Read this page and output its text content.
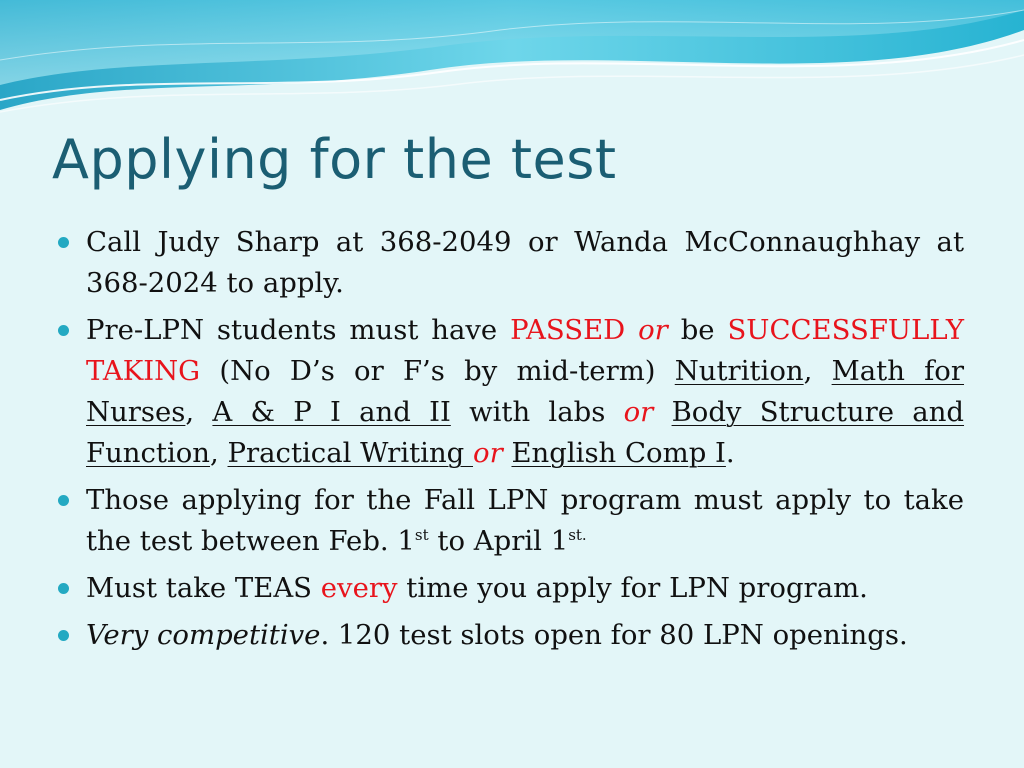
Applying for the test
Call Judy Sharp at 368-2049 or Wanda McConnaughhay at 368-2024 to apply.
Pre-LPN students must have PASSED or be SUCCESSFULLY TAKING (No D’s or F’s by mid-term) Nutrition, Math for Nurses, A & P I and II with labs or Body Structure and Function, Practical Writing or English Comp I.
Those applying for the Fall LPN program must apply to take the test between Feb. 1st to April $1^{st.}$
Must take TEAS every time you apply for LPN program.
Very competitive. 120 test slots open for 80 LPN openings.
